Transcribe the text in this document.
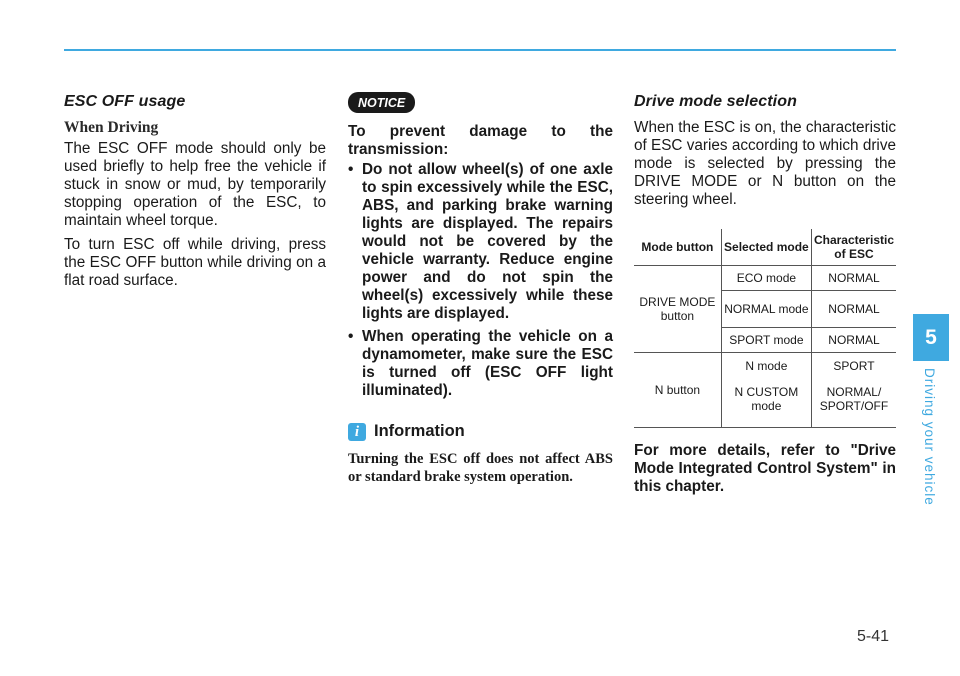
ESC OFF usage
When Driving

The ESC OFF mode should only be used briefly to help free the vehicle if stuck in snow or mud, by temporarily stopping operation of the ESC, to maintain wheel torque.

To turn ESC off while driving, press the ESC OFF button while driving on a flat road surface.

NOTICE

To prevent damage to the transmission:

• Do not allow wheel(s) of one axle to spin excessively while the ESC, ABS, and parking brake warning lights are displayed. The repairs would not be covered by the vehicle warranty. Reduce engine power and do not spin the wheel(s) excessively while these lights are displayed.
• When operating the vehicle on a dynamometer, make sure the ESC is turned off (ESC OFF light illuminated).
i Information

Turning the ESC off does not affect ABS or standard brake system operation.

Drive mode selection

When the ESC is on, the characteristic of ESC varies according to which drive mode is selected by pressing the DRIVE MODE or N button on the steering wheel.

Mode button	Selected mode	Characteristic of ESC
DRIVE MODE button	ECO mode	NORMAL
	NORMAL mode	NORMAL
	SPORT mode	NORMAL
N button	N mode	SPORT
	N CUSTOM mode	NORMAL/ SPORT/OFF

For more details, refer to "Drive Mode Integrated Control System" in this chapter.

5
Driving your vehicle
5-41
